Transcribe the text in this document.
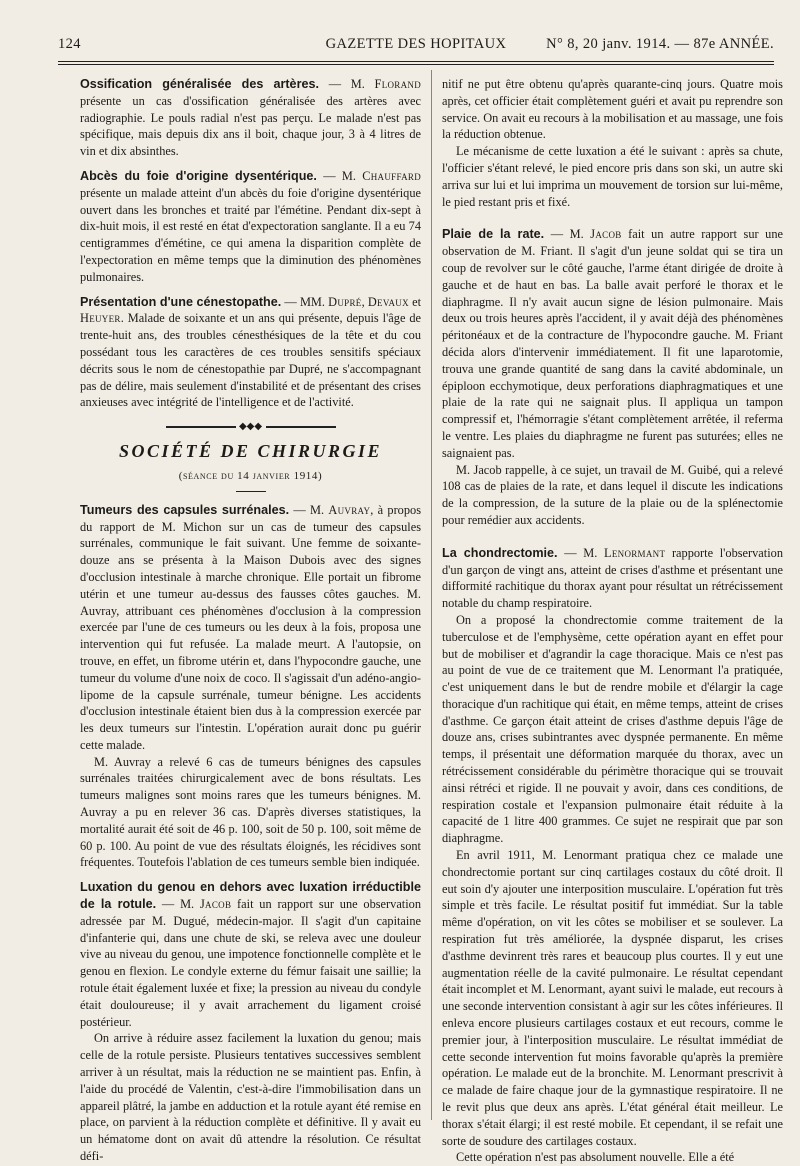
124	GAZETTE DES HOPITAUX	N° 8, 20 janv. 1914. — 87e ANNÉE.

Ossification généralisée des artères. — M. Florand présente un cas d'ossification généralisée des artères avec radiographie. Le pouls radial n'est pas perçu. Le malade n'est pas spécifique, mais depuis dix ans il boit, chaque jour, 3 à 4 litres de vin et dix absinthes.

Abcès du foie d'origine dysentérique. — M. Chauffard présente un malade atteint d'un abcès du foie d'origine dysentérique ouvert dans les bronches et traité par l'émétine. Pendant dix-sept à dix-huit mois, il est resté en état d'expectoration sanglante. Il a eu 74 centigrammes d'émétine, ce qui amena la disparition complète de l'expectoration en même temps que la diminution des phénomènes pulmonaires.

Présentation d'une cénestopathe. — MM. Dupré, Devaux et Heuyer. Malade de soixante et un ans qui présente, depuis l'âge de trente-huit ans, des troubles cénesthésiques de la tête et du cou possédant tous les caractères de ces troubles sensitifs spéciaux décrits sous le nom de cénestopathie par Dupré, ne s'accompagnant pas de délire, mais seulement d'instabilité et de présentant des crises anxieuses avec intégrité de l'intelligence et de l'activité.

◆◆◆
SOCIÉTÉ DE CHIRURGIE
(séance du 14 janvier 1914)

Tumeurs des capsules surrénales. — M. Auvray, à propos du rapport de M. Michon sur un cas de tumeur des capsules surrénales, communique le fait suivant. Une femme de soixante-douze ans se présenta à la Maison Dubois avec des signes d'occlusion intestinale à marche chronique. Elle portait un fibrome utérin et une tumeur au-dessus des fausses côtes gauches. M. Auvray, attribuant ces phénomènes d'occlusion à la compression exercée par l'une de ces tumeurs ou les deux à la fois, proposa une intervention qui fut refusée. La malade meurt. A l'autopsie, on trouve, en effet, un fibrome utérin et, dans l'hypocondre gauche, une tumeur du volume d'une noix de coco. Il s'agissait d'un adéno-angio-lipome de la capsule surrénale, tumeur bénigne. Les accidents d'occlusion intestinale étaient bien dus à la compression exercée par les deux tumeurs sur l'intestin. L'opération aurait donc pu guérir cette malade.

M. Auvray a relevé 6 cas de tumeurs bénignes des capsules surrénales traitées chirurgicalement avec de bons résultats. Les tumeurs malignes sont moins rares que les tumeurs bénignes. M. Auvray a pu en relever 36 cas. D'après diverses statistiques, la mortalité aurait été soit de 46 p. 100, soit de 50 p. 100, soit même de 60 p. 100. Au point de vue des résultats éloignés, les récidives sont fréquentes. Toutefois l'ablation de ces tumeurs semble bien indiquée.

Luxation du genou en dehors avec luxation irréductible de la rotule. — M. Jacob fait un rapport sur une observation adressée par M. Dugué, médecin-major. Il s'agit d'un capitaine d'infanterie qui, dans une chute de ski, se releva avec une douleur vive au niveau du genou, une impotence fonctionnelle complète et le genou en flexion. Le condyle externe du fémur faisait une saillie; la rotule était également luxée et fixe; la pression au niveau du condyle était douloureuse; il y avait arrachement du ligament croisé postérieur.

On arrive à réduire assez facilement la luxation du genou; mais celle de la rotule persiste. Plusieurs tentatives successives semblent arriver à un résultat, mais la réduction ne se maintient pas. Enfin, à l'aide du procédé de Valentin, c'est-à-dire l'immobilisation dans un appareil plâtré, la jambe en adduction et la rotule ayant été remise en place, on parvient à la réduction complète et définitive. Il y avait eu un hématome dont on avait dû attendre la résolution. Ce résultat défi-

nitif ne put être obtenu qu'après quarante-cinq jours. Quatre mois après, cet officier était complètement guéri et avait pu reprendre son service. On avait eu recours à la mobilisation et au massage, une fois la réduction obtenue.

Le mécanisme de cette luxation a été le suivant : après sa chute, l'officier s'étant relevé, le pied encore pris dans son ski, un autre ski arriva sur lui et lui imprima un mouvement de torsion sur lui-même, le pied restant pris et fixé.

Plaie de la rate. — M. Jacob fait un autre rapport sur une observation de M. Friant. Il s'agit d'un jeune soldat qui se tira un coup de revolver sur le côté gauche, l'arme étant dirigée de droite à gauche et de haut en bas. La balle avait perforé le thorax et le diaphragme. Il n'y avait aucun signe de lésion pulmonaire. Mais deux ou trois heures après l'accident, il y avait déjà des phénomènes péritonéaux et de la contracture de l'hypocondre gauche. M. Friant décida alors d'intervenir immédiatement. Il fit une laparotomie, trouva une grande quantité de sang dans la cavité abdominale, un épiploon ecchymotique, deux perforations diaphragmatiques et une plaie de la rate qui ne saignait plus. Il appliqua un tampon compressif et, l'hémorragie s'étant complètement arrêtée, il referma le ventre. Les plaies du diaphragme ne furent pas suturées; elles ne saignaient pas.

M. Jacob rappelle, à ce sujet, un travail de M. Guibé, qui a relevé 108 cas de plaies de la rate, et dans lequel il discute les indications de la compression, de la suture de la plaie ou de la splénectomie pour remédier aux accidents.

La chondrectomie. — M. Lenormant rapporte l'observation d'un garçon de vingt ans, atteint de crises d'asthme et présentant une difformité rachitique du thorax ayant pour résultat un rétrécissement notable du champ respiratoire.

On a proposé la chondrectomie comme traitement de la tuberculose et de l'emphysème, cette opération ayant en effet pour but de mobiliser et d'agrandir la cage thoracique. Mais ce n'est pas au point de vue de ce traitement que M. Lenormant l'a pratiquée, c'est uniquement dans le but de rendre mobile et d'élargir la cage thoracique d'un rachitique qui était, en même temps, atteint de crises d'asthme. Ce garçon était atteint de crises d'asthme depuis l'âge de douze ans, crises subintrantes avec dyspnée permanente. En même temps, il présentait une déformation marquée du thorax, avec un rétrécissement considérable du périmètre thoracique qui se trouvait ainsi rétréci et rigide. Il ne pouvait y avoir, dans ces conditions, de respiration costale et l'expansion pulmonaire était réduite à la capacité de 1 litre 400 grammes. Ce sujet ne respirait que par son diaphragme.

En avril 1911, M. Lenormant pratiqua chez ce malade une chondrectomie portant sur cinq cartilages costaux du côté droit. Il eut soin d'y ajouter une interposition musculaire. L'opération fut très simple et très facile. Le résultat positif fut immédiat. Sur la table même d'opération, on vit les côtes se mobiliser et se soulever. La respiration fut très améliorée, la dyspnée disparut, les crises d'asthme devinrent très rares et beaucoup plus courtes. Il y eut une augmentation réelle de la cavité pulmonaire. Le résultat cependant était incomplet et M. Lenormant, ayant suivi le malade, eut recours à une seconde intervention consistant à agir sur les côtes inférieures. Il enleva encore plusieurs cartilages costaux et eut recours, comme le premier jour, à l'interposition musculaire. Le résultat immédiat de cette seconde intervention fut moins favorable qu'après la première opération. Le malade eut de la bronchite. M. Lenormant prescrivit à ce malade de faire chaque jour de la gymnastique respiratoire. Il ne le revit plus que deux ans après. L'état général était meilleur. Le thorax s'était élargi; il est resté mobile. Et cependant, il se refait une sorte de soudure des cartilages costaux.

Cette opération n'est pas absolument nouvelle. Elle a été
